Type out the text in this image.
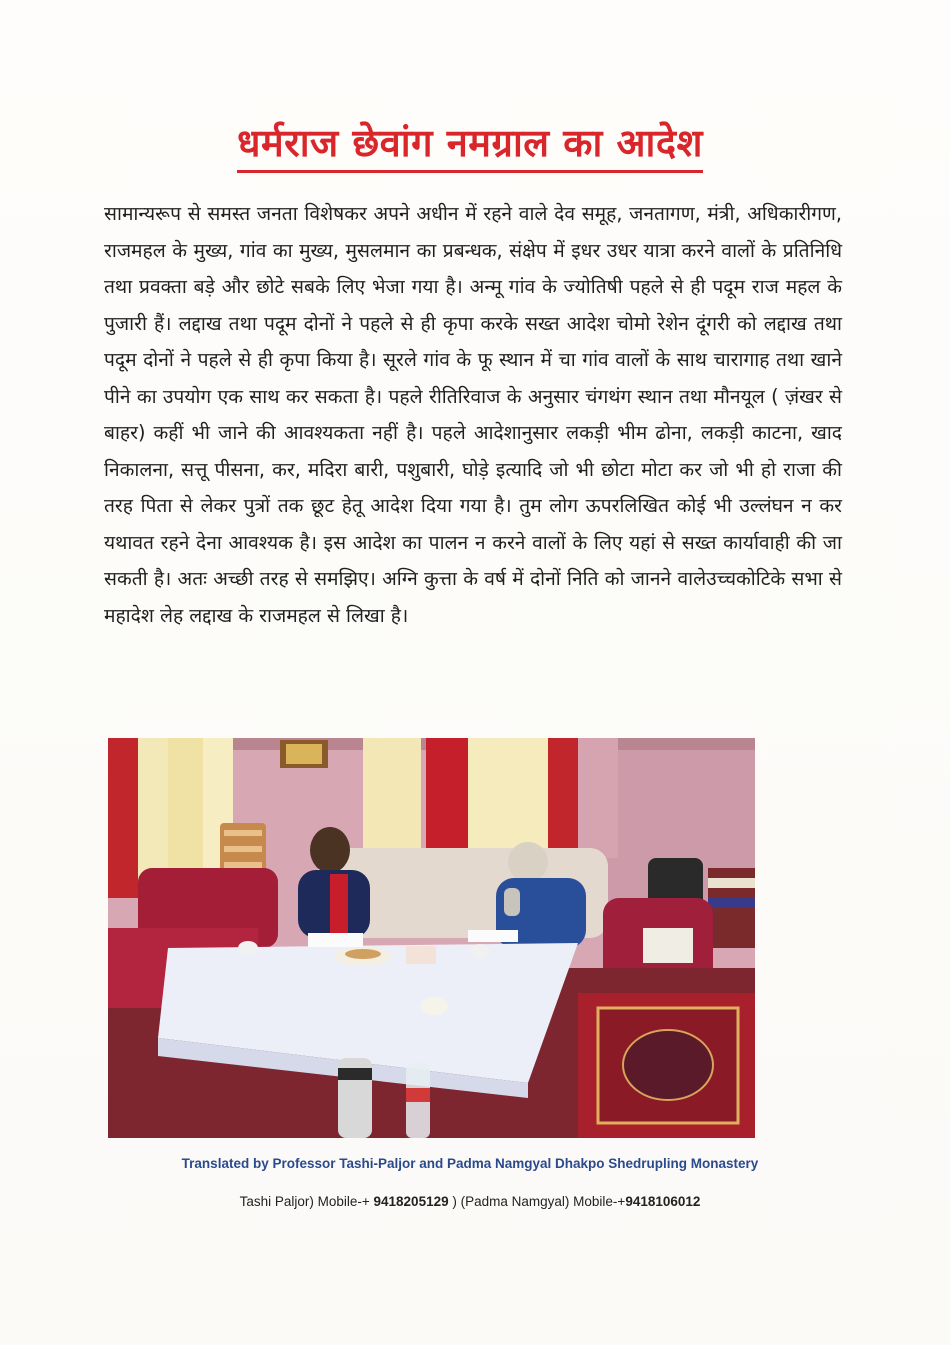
धर्मराज छेवांग नमग्राल का आदेश
सामान्यरूप से समस्त जनता विशेषकर अपने अधीन में रहने वाले देव समूह, जनतागण, मंत्री, अधिकारीगण, राजमहल के मुख्य, गांव का मुख्य, मुसलमान का प्रबन्धक, संक्षेप में इधर उधर यात्रा करने वालों के प्रतिनिधि तथा प्रवक्ता बड़े और छोटे सबके लिए भेजा गया है। अन्मू गांव के ज्योतिषी पहले से ही पदूम राज महल के पुजारी हैं। लद्दाख तथा पदूम दोनों ने पहले से ही कृपा करके सख्त आदेश चोमो रेशेन दूंगरी को लद्दाख तथा पदूम दोनों ने पहले से ही कृपा किया है। सूरले गांव के फू स्थान में चा गांव वालों के साथ चारागाह तथा खाने पीने का उपयोग एक साथ कर सकता है। पहले रीतिरिवाज के अनुसार चंगथंग स्थान तथा मौनयूल ( ज़ंखर से बाहर) कहीं भी जाने की आवश्यकता नहीं है। पहले आदेशानुसार लकड़ी भीम ढोना, लकड़ी काटना, खाद निकालना, सत्तू पीसना, कर, मदिरा बारी, पशुबारी, घोड़े इत्यादि जो भी छोटा मोटा कर जो भी हो राजा की तरह पिता से लेकर पुत्रों तक छूट हेतू आदेश दिया गया है। तुम लोग ऊपरलिखित कोई भी उल्लंघन न कर यथावत रहने देना आवश्यक है। इस आदेश का पालन न करने वालों के लिए यहां से सख्त कार्यावाही की जा सकती है। अतः अच्छी तरह से समझिए। अग्नि कुत्ता के वर्ष में दोनों निति को जानने वालेउच्चकोटिके सभा से महादेश लेह लद्दाख के राजमहल से लिखा है।
Translated by Professor Tashi-Paljor and Padma Namgyal Dhakpo Shedrupling Monastery
Tashi Paljor) Mobile-+ 9418205129 ) (Padma Namgyal) Mobile-+9418106012
